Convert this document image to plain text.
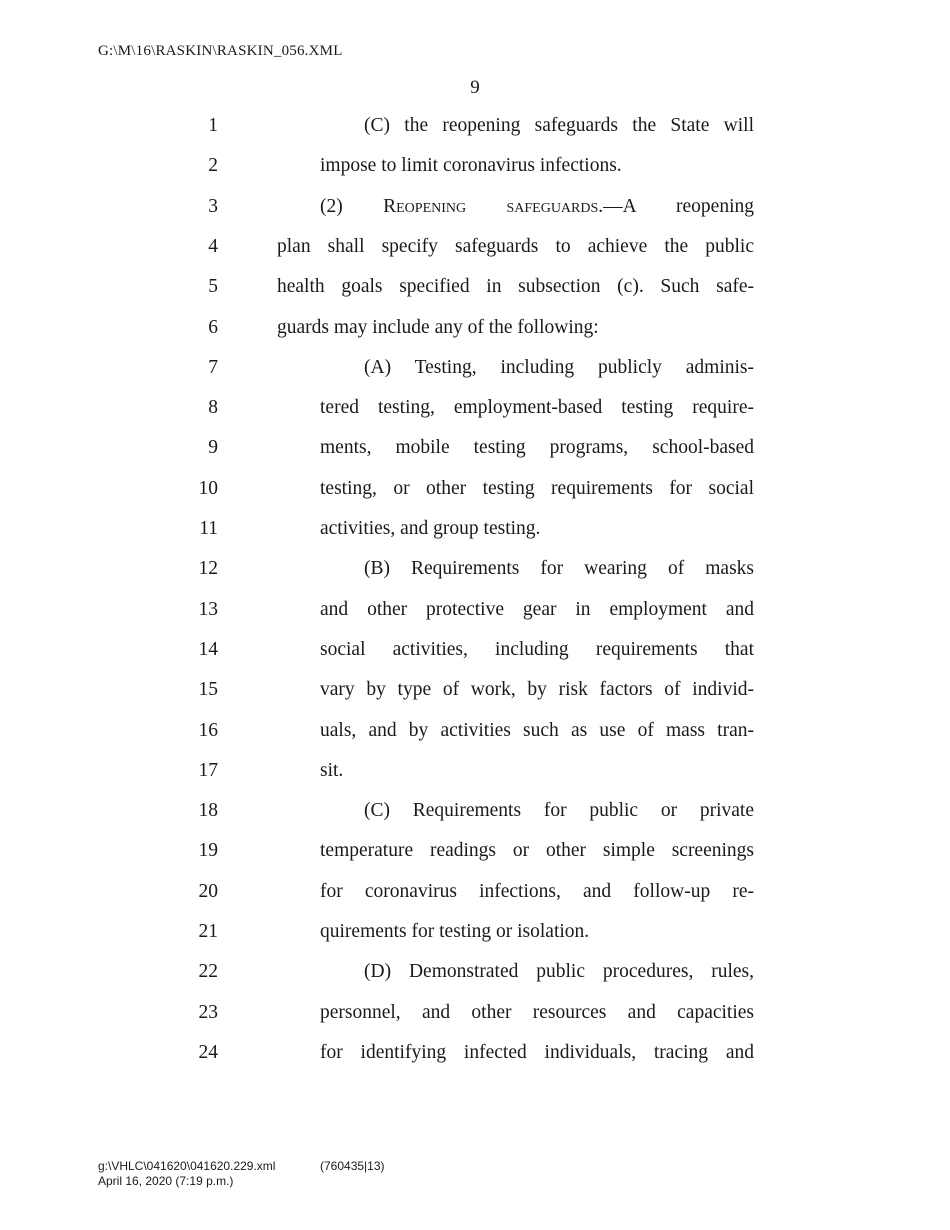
G:\M\16\RASKIN\RASKIN_056.XML
9
1	(C) the reopening safeguards the State will
2	impose to limit coronavirus infections.
3	(2) Reopening safeguards.—A reopening
4	plan shall specify safeguards to achieve the public
5	health goals specified in subsection (c). Such safe-
6	guards may include any of the following:
7	(A) Testing, including publicly adminis-
8	tered testing, employment-based testing require-
9	ments, mobile testing programs, school-based
10	testing, or other testing requirements for social
11	activities, and group testing.
12	(B) Requirements for wearing of masks
13	and other protective gear in employment and
14	social activities, including requirements that
15	vary by type of work, by risk factors of individ-
16	uals, and by activities such as use of mass tran-
17	sit.
18	(C) Requirements for public or private
19	temperature readings or other simple screenings
20	for coronavirus infections, and follow-up re-
21	quirements for testing or isolation.
22	(D) Demonstrated public procedures, rules,
23	personnel, and other resources and capacities
24	for identifying infected individuals, tracing and
g:\VHLC\041620\041620.229.xml	(760435|13)
April 16, 2020 (7:19 p.m.)
